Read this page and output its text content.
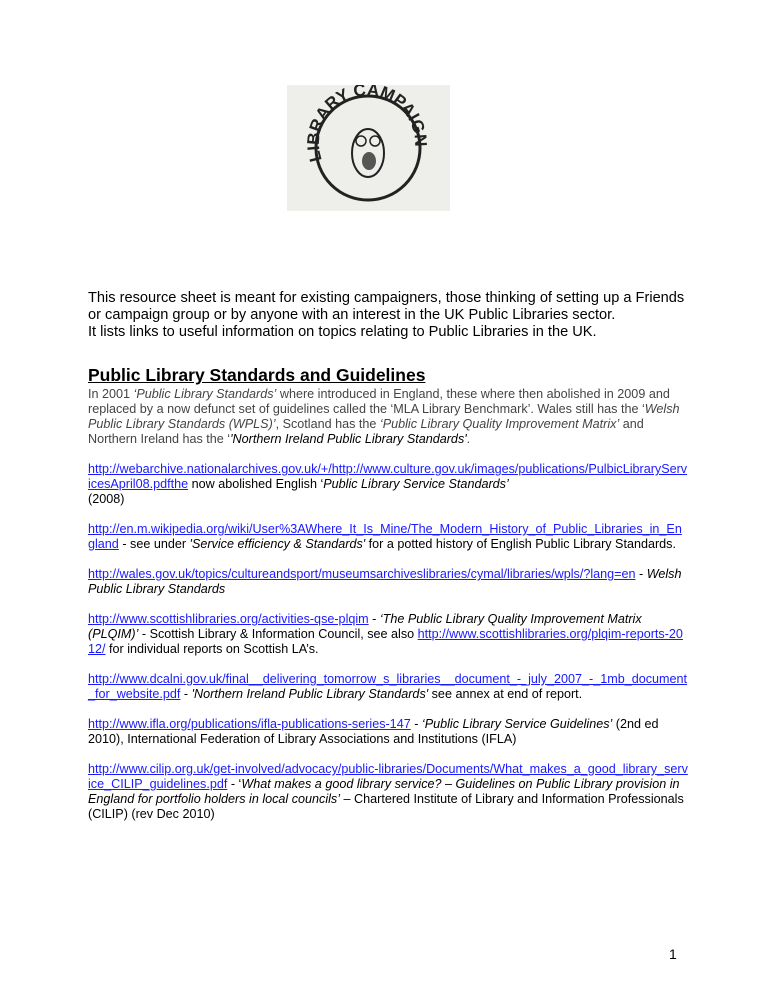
LIBRARY CAMPAIGN
This resource sheet is meant for existing campaigners, those thinking of setting up a Friends or campaign group or by anyone with an interest in the UK Public Libraries sector.
It lists links to useful information on topics relating to Public Libraries in the UK.
Public Library Standards and Guidelines

In 2001 ‘Public Library Standards’ where introduced in England, these where then abolished in 2009 and replaced by a now defunct set of guidelines called the ‘MLA Library Benchmark’. Wales still has the ‘Welsh Public Library Standards (WPLS)’, Scotland has the ‘Public Library Quality Improvement Matrix’ and Northern Ireland has the ‘'Northern Ireland Public Library Standards'.

http://webarchive.nationalarchives.gov.uk/+/http://www.culture.gov.uk/images/publications/PulbicLibraryServicesApril08.pdfthe now abolished English ‘Public Library Service Standards’
(2008)

http://en.m.wikipedia.org/wiki/User%3AWhere_It_Is_Mine/The_Modern_History_of_Public_Libraries_in_England - see under 'Service efficiency & Standards' for a potted history of English Public Library Standards.

http://wales.gov.uk/topics/cultureandsport/museumsarchiveslibraries/cymal/libraries/wpls/?lang=en - Welsh Public Library Standards

http://www.scottishlibraries.org/activities-qse-plqim - ‘The Public Library Quality Improvement Matrix (PLQIM)’ - Scottish Library & Information Council, see also http://www.scottishlibraries.org/plqim-reports-2012/ for individual reports on Scottish LA’s.

http://www.dcalni.gov.uk/final__delivering_tomorrow_s_libraries__document_-_july_2007_-_1mb_document_for_website.pdf - 'Northern Ireland Public Library Standards' see annex at end of report.

http://www.ifla.org/publications/ifla-publications-series-147 - ‘Public Library Service Guidelines’ (2nd ed 2010), International Federation of Library Associations and Institutions (IFLA)

http://www.cilip.org.uk/get-involved/advocacy/public-libraries/Documents/What_makes_a_good_library_service_CILIP_guidelines.pdf - ‘What makes a good library service? – Guidelines on Public Library provision in England for portfolio holders in local councils’ – Chartered Institute of Library and Information Professionals (CILIP) (rev Dec 2010)

1
